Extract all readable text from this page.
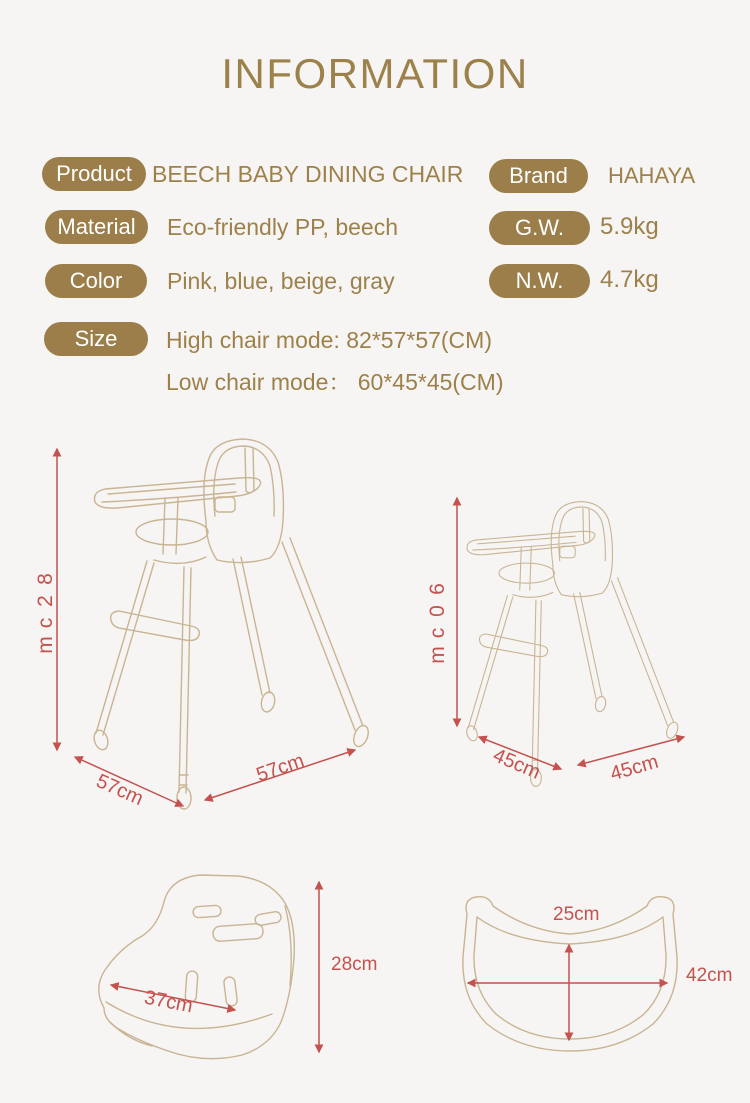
INFORMATION
Product BEECH BABY DINING CHAIR
Material Eco-friendly PP, beech
Color Pink, blue, beige, gray
Size High chair mode: 82*57*57(CM)
Low chair mode： 60*45*45(CM)
Brand HAHAYA
G.W. 5.9kg
N.W. 4.7kg
8
2
c
m
57cm
57cm
6
0
c
m
45cm	45cm
37cm
28cm
25cm
42cm
